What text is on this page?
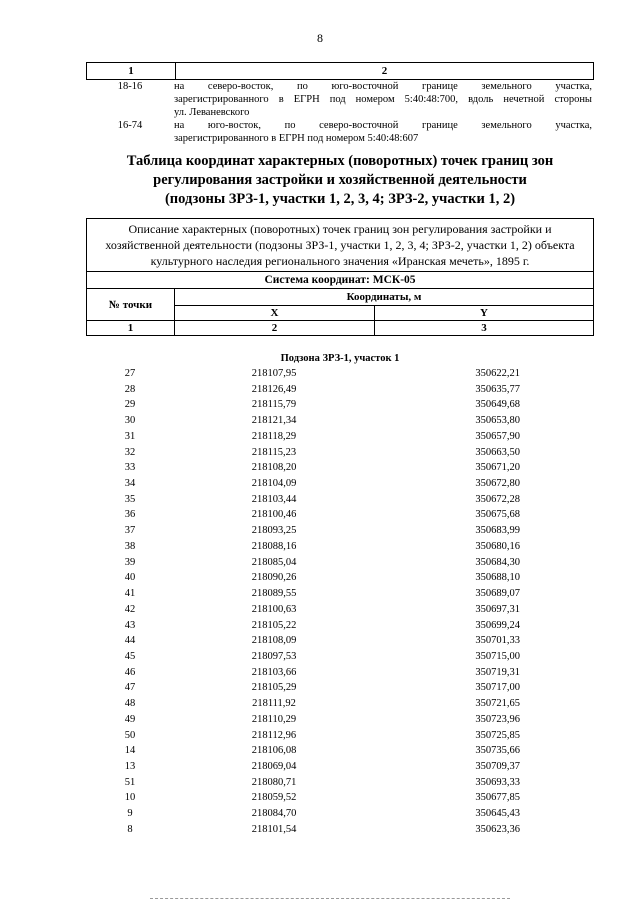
8
1	2
18-16	на северо-восток, по юго-восточной границе земельного участка,
зарегистрированного в ЕГРН под номером 5:40:48:700, вдоль нечетной стороны
ул. Леваневского
16-74	на юго-восток, по северо-восточной границе земельного участка,
зарегистрированного в ЕГРН под номером 5:40:48:607
Таблица координат характерных (поворотных) точек границ зон
регулирования застройки и хозяйственной деятельности
(подзоны ЗРЗ-1, участки 1, 2, 3, 4; ЗРЗ-2, участки 1, 2)
Описание характерных (поворотных) точек границ зон регулирования застройки и хозяйственной деятельности (подзоны ЗРЗ-1, участки 1, 2, 3, 4; ЗРЗ-2, участки 1, 2) объекта культурного наследия регионального значения «Иранская мечеть», 1895 г.		
Система координат: МСК-05		
№ точки	Координаты, м	
	X	Y
1	2	3
Подзона ЗРЗ-1, участок 1
27	218107,95	350622,21
28	218126,49	350635,77
29	218115,79	350649,68
30	218121,34	350653,80
31	218118,29	350657,90
32	218115,23	350663,50
33	218108,20	350671,20
34	218104,09	350672,80
35	218103,44	350672,28
36	218100,46	350675,68
37	218093,25	350683,99
38	218088,16	350680,16
39	218085,04	350684,30
40	218090,26	350688,10
41	218089,55	350689,07
42	218100,63	350697,31
43	218105,22	350699,24
44	218108,09	350701,33
45	218097,53	350715,00
46	218103,66	350719,31
47	218105,29	350717,00
48	218111,92	350721,65
49	218110,29	350723,96
50	218112,96	350725,85
14	218106,08	350735,66
13	218069,04	350709,37
51	218080,71	350693,33
10	218059,52	350677,85
9	218084,70	350645,43
8	218101,54	350623,36
